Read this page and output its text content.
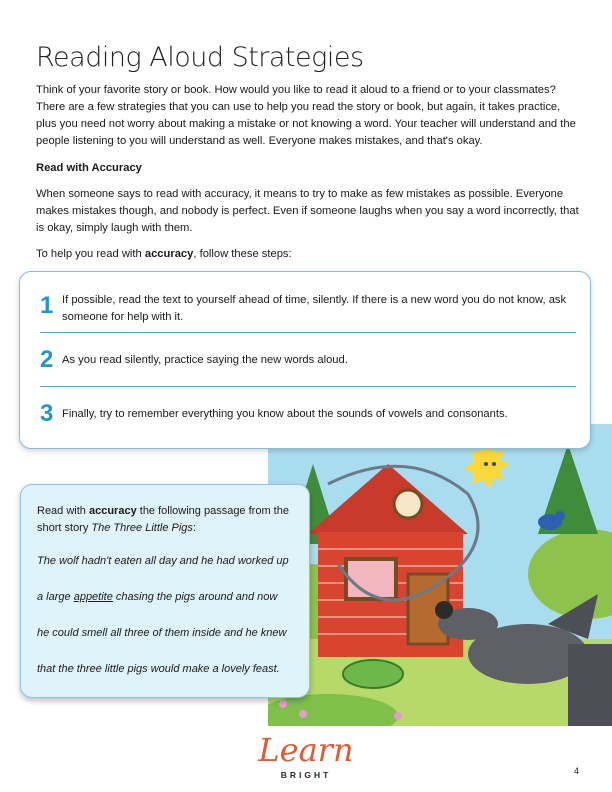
Reading Aloud Strategies

Think of your favorite story or book. How would you like to read it aloud to a friend or to your classmates? There are a few strategies that you can use to help you read the story or book, but again, it takes practice, plus you need not worry about making a mistake or not knowing a word. Your teacher will understand and the people listening to you will understand as well. Everyone makes mistakes, and that's okay.

Read with Accuracy

When someone says to read with accuracy, it means to try to make as few mistakes as possible. Everyone makes mistakes though, and nobody is perfect. Even if someone laughs when you say a word incorrectly, that is okay, simply laugh with them.

To help you read with accuracy, follow these steps:

1 If possible, read the text to yourself ahead of time, silently. If there is a new word you do not know, ask someone for help with it.
2 As you read silently, practice saying the new words aloud.
3 Finally, try to remember everything you know about the sounds of vowels and consonants.

Read with accuracy the following passage from the short story The Three Little Pigs:

The wolf hadn't eaten all day and he had worked up

a large appetite chasing the pigs around and now

he could smell all three of them inside and he knew

that the three little pigs would make a lovely feast.

Learn
BRIGHT	4
